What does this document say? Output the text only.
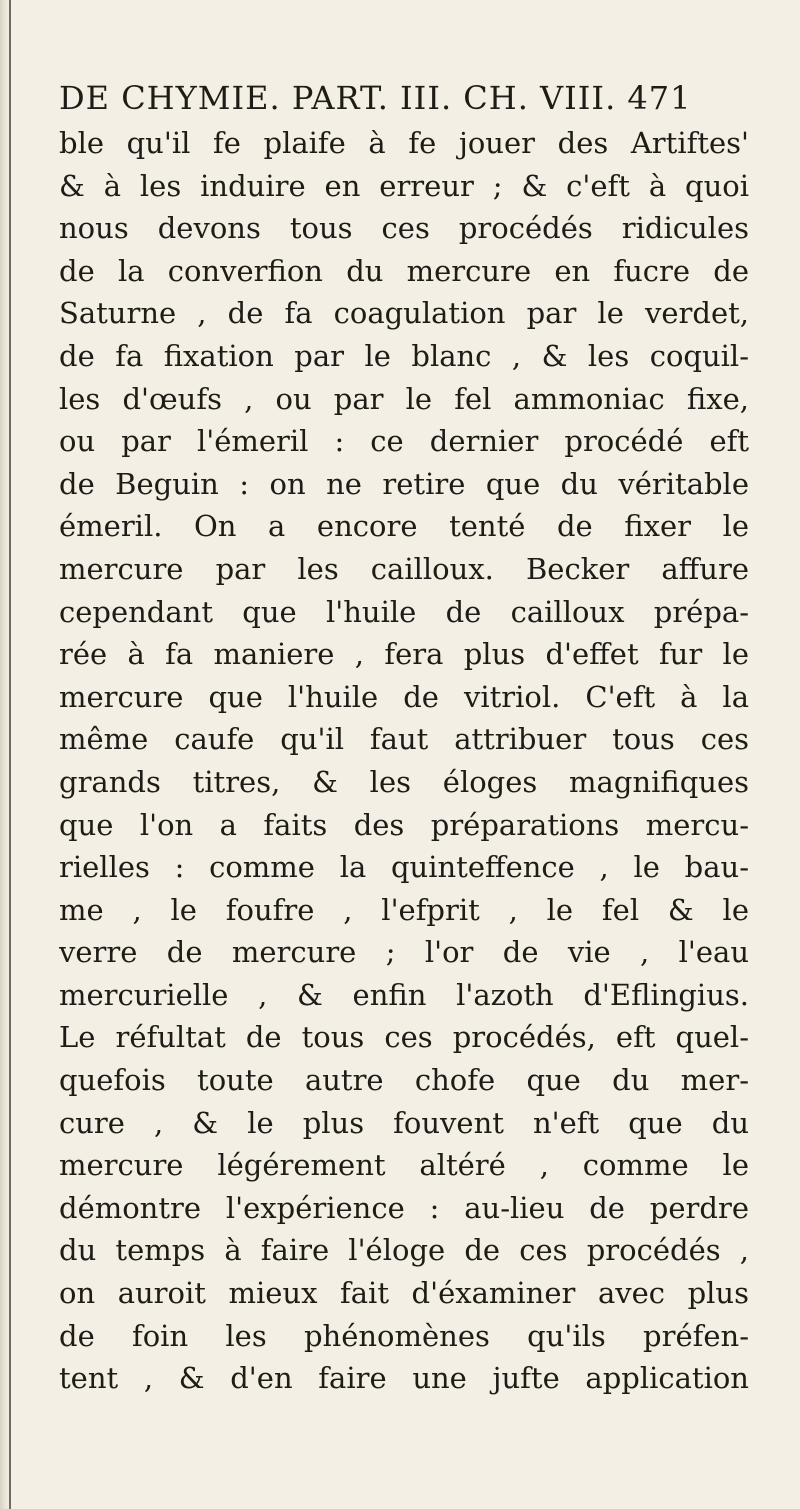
DE CHYMIE. PART. III. CH. VIII. 471
ble qu'il fe plaife à fe jouer des Artiftes'
& à les induire en erreur ; & c'eft à quoi
nous devons tous ces procédés ridicules
de la converfion du mercure en fucre de
Saturne , de fa coagulation par le verdet,
de fa fixation par le blanc , & les coquil-
les d'œufs , ou par le fel ammoniac fixe,
ou par l'émeril : ce dernier procédé eft
de Beguin : on ne retire que du véritable
émeril. On a encore tenté de fixer le
mercure par les cailloux. Becker affure
cependant que l'huile de cailloux prépa-
rée à fa maniere , fera plus d'effet fur le
mercure que l'huile de vitriol. C'eft à la
même caufe qu'il faut attribuer tous ces
grands titres, & les éloges magnifiques
que l'on a faits des préparations mercu-
rielles : comme la quinteffence , le bau-
me , le foufre , l'efprit , le fel & le
verre de mercure ; l'or de vie , l'eau
mercurielle , & enfin l'azoth d'Eflingius.
Le réfultat de tous ces procédés, eft quel-
quefois toute autre chofe que du mer-
cure , & le plus fouvent n'eft que du
mercure légérement altéré , comme le
démontre l'expérience : au-lieu de perdre
du temps à faire l'éloge de ces procédés ,
on auroit mieux fait d'éxaminer avec plus
de foin les phénomènes qu'ils préfen-
tent , & d'en faire une jufte application
